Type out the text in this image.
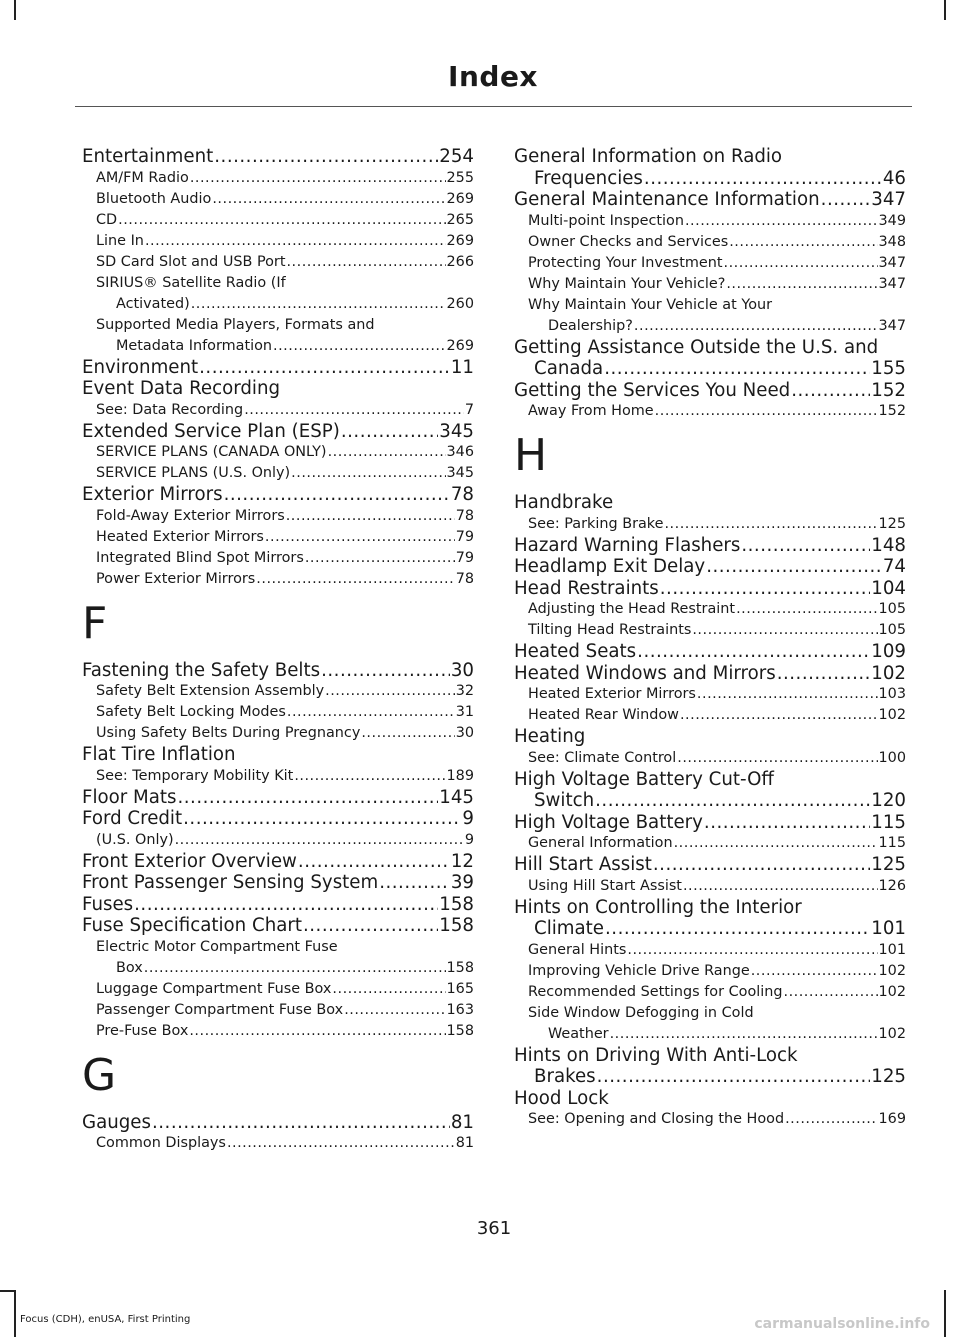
Index
Entertainment .....	254
AM/FM Radio .....	255
Bluetooth Audio .....	269
CD .....	265
Line In .....	269
SD Card Slot and USB Port .....	266
SIRIUS® Satellite Radio (If
Activated) .....	260
Supported Media Players, Formats and
Metadata Information .....	269
Environment .....	11
Event Data Recording
See: Data Recording .....	7
Extended Service Plan (ESP) .....	345
SERVICE PLANS (CANADA ONLY) .....	346
SERVICE PLANS (U.S. Only) .....	345
Exterior Mirrors .....	78
Fold-Away Exterior Mirrors .....	78
Heated Exterior Mirrors .....	79
Integrated Blind Spot Mirrors .....	79
Power Exterior Mirrors .....	78
F
Fastening the Safety Belts .....	30
Safety Belt Extension Assembly .....	32
Safety Belt Locking Modes .....	31
Using Safety Belts During Pregnancy .....	30
Flat Tire Inflation
See: Temporary Mobility Kit .....	189
Floor Mats .....	145
Ford Credit .....	9
(U.S. Only) .....	9
Front Exterior Overview .....	12
Front Passenger Sensing System .....	39
Fuses .....	158
Fuse Specification Chart .....	158
Electric Motor Compartment Fuse
Box .....	158
Luggage Compartment Fuse Box .....	165
Passenger Compartment Fuse Box .....	163
Pre-Fuse Box .....	158
G
Gauges .....	81
Common Displays .....	81
General Information on Radio
Frequencies .....	46
General Maintenance Information .....	347
Multi-point Inspection .....	349
Owner Checks and Services .....	348
Protecting Your Investment .....	347
Why Maintain Your Vehicle? .....	347
Why Maintain Your Vehicle at Your
Dealership? .....	347
Getting Assistance Outside the U.S. and
Canada .....	155
Getting the Services You Need .....	152
Away From Home .....	152
H
Handbrake
See: Parking Brake .....	125
Hazard Warning Flashers .....	148
Headlamp Exit Delay .....	74
Head Restraints .....	104
Adjusting the Head Restraint .....	105
Tilting Head Restraints .....	105
Heated Seats .....	109
Heated Windows and Mirrors .....	102
Heated Exterior Mirrors .....	103
Heated Rear Window .....	102
Heating
See: Climate Control .....	100
High Voltage Battery Cut-Off
Switch .....	120
High Voltage Battery .....	115
General Information .....	115
Hill Start Assist .....	125
Using Hill Start Assist .....	126
Hints on Controlling the Interior
Climate .....	101
General Hints .....	101
Improving Vehicle Drive Range .....	102
Recommended Settings for Cooling .....	102
Side Window Defogging in Cold
Weather .....	102
Hints on Driving With Anti-Lock
Brakes .....	125
Hood Lock
See: Opening and Closing the Hood .....	169
361
Focus (CDH), enUSA, First Printing	carmanualsonline.info
